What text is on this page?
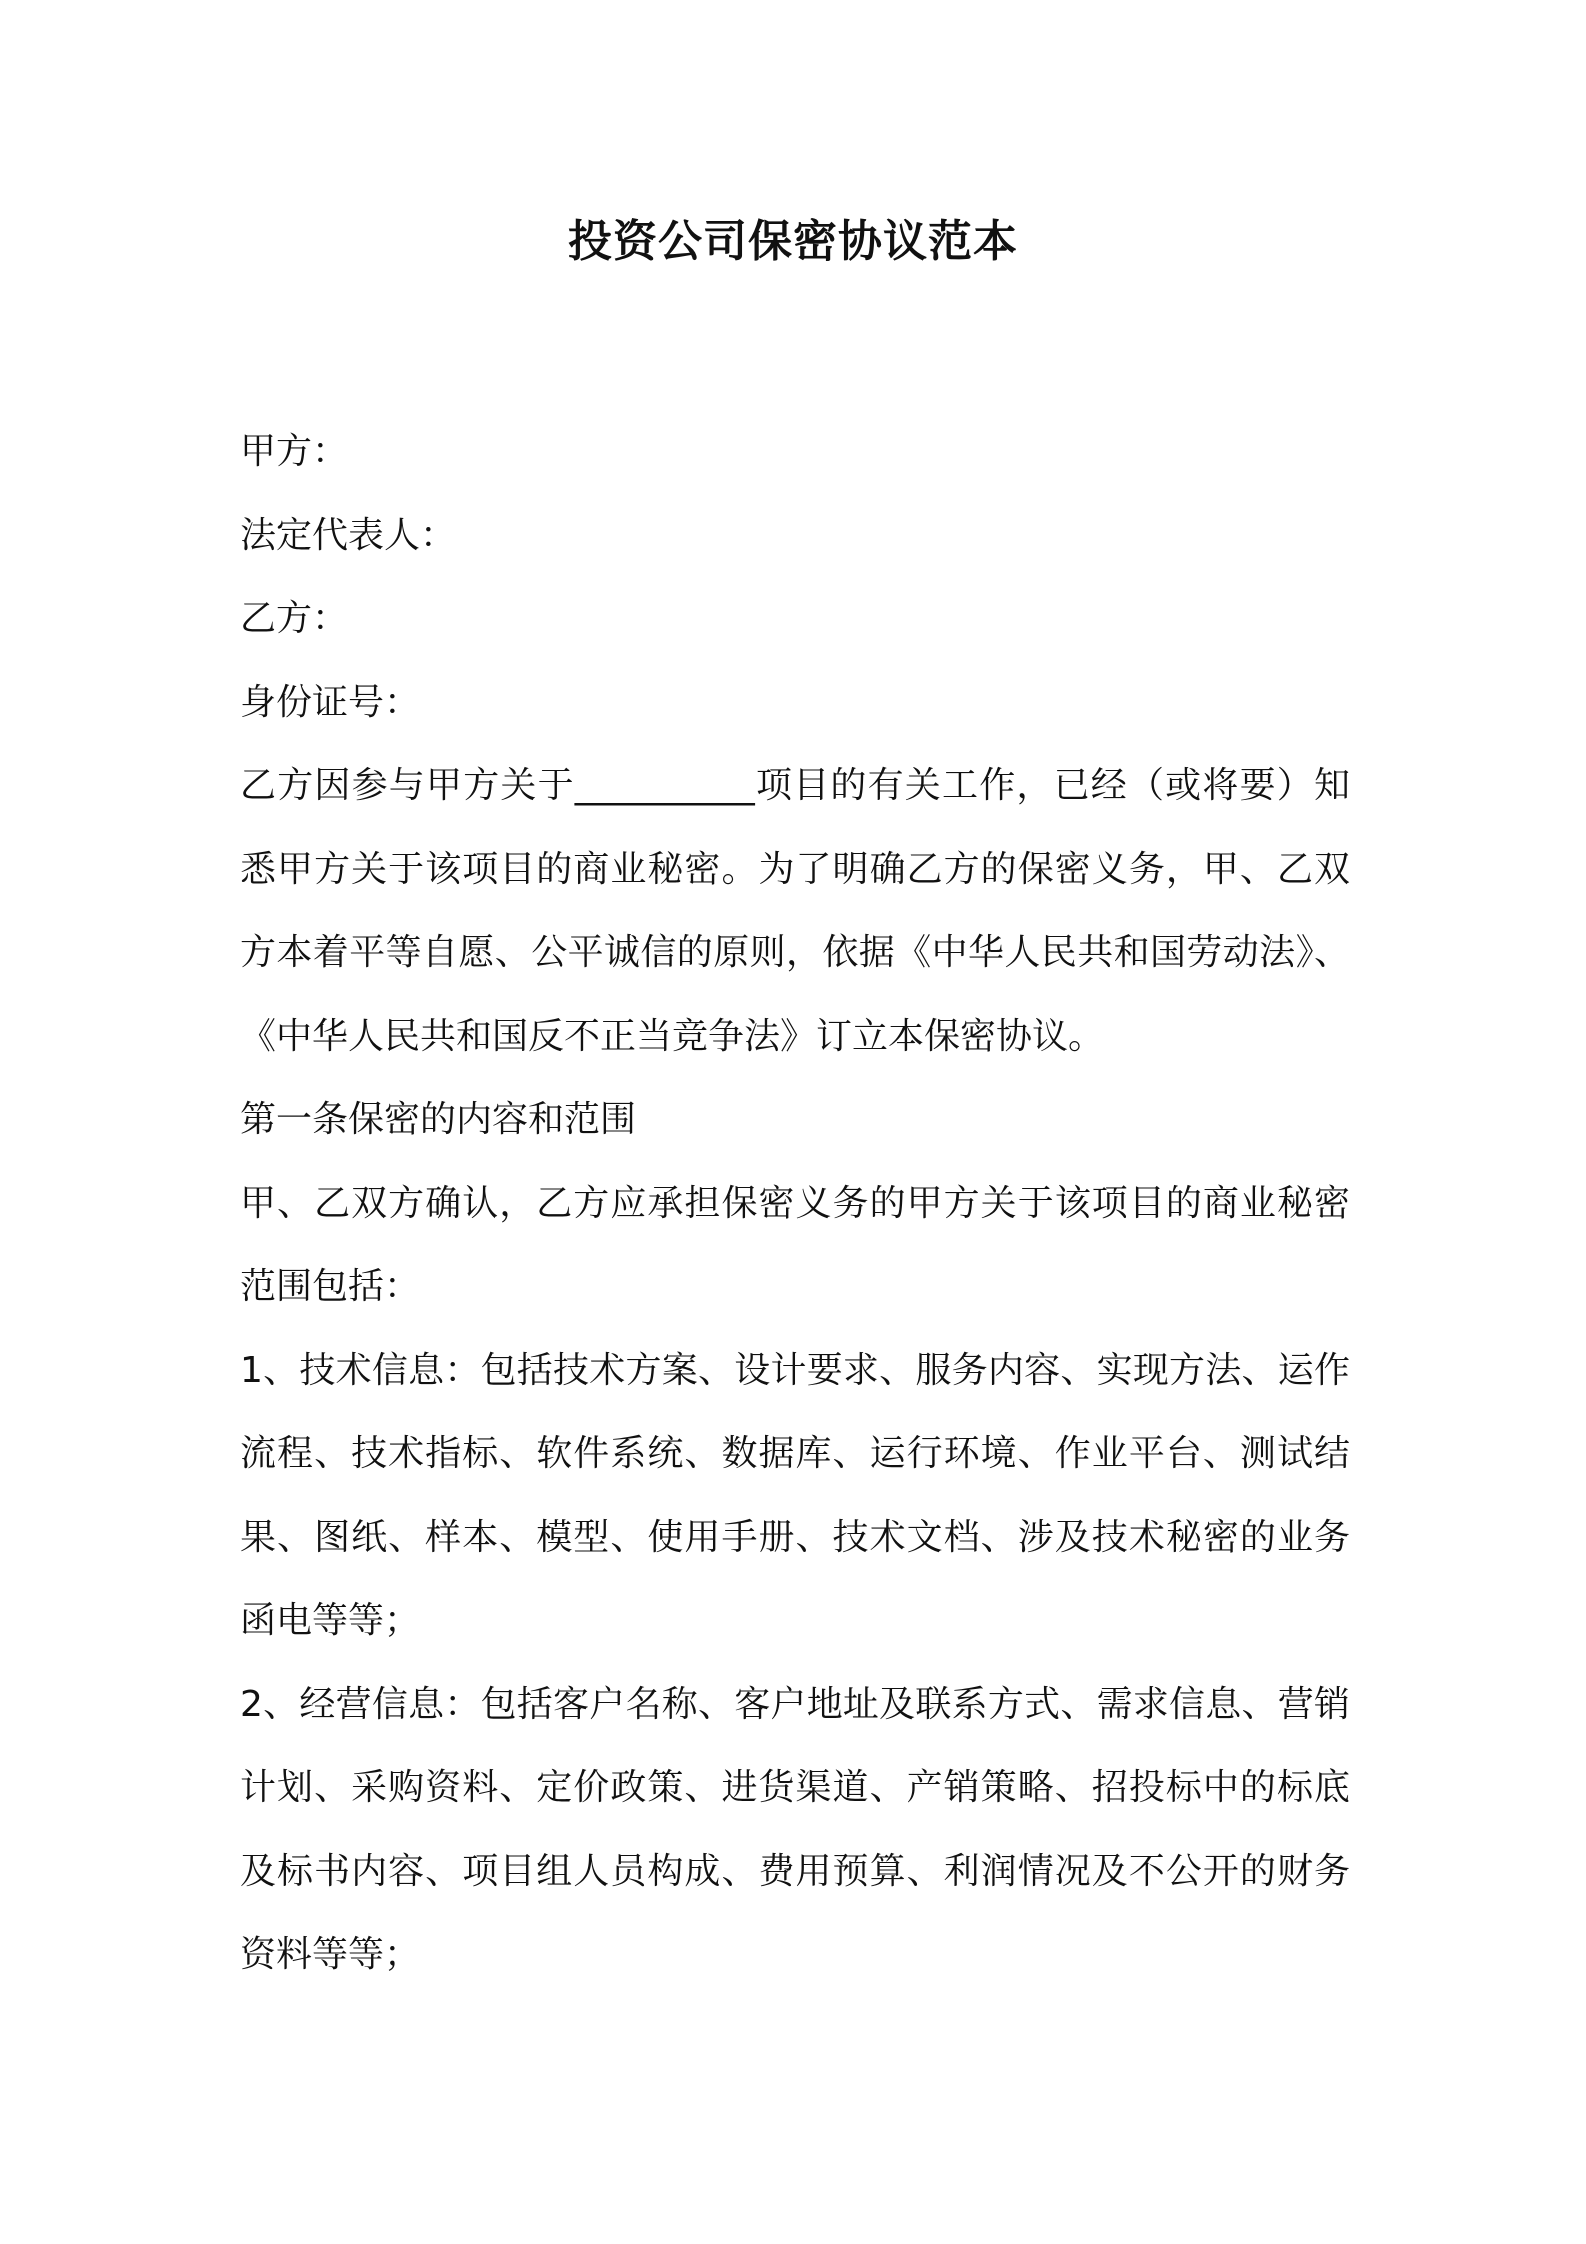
投资公司保密协议范本

甲方：

法定代表人：

乙方：

身份证号：

乙方因参与甲方关于__________项目的有关工作，已经（或将要）知悉甲方关于该项目的商业秘密。为了明确乙方的保密义务，甲、乙双方本着平等自愿、公平诚信的原则，依据《中华人民共和国劳动法》、《中华人民共和国反不正当竞争法》订立本保密协议。

第一条保密的内容和范围

甲、乙双方确认，乙方应承担保密义务的甲方关于该项目的商业秘密范围包括：

1、技术信息：包括技术方案、设计要求、服务内容、实现方法、运作流程、技术指标、软件系统、数据库、运行环境、作业平台、测试结果、图纸、样本、模型、使用手册、技术文档、涉及技术秘密的业务函电等等；

2、经营信息：包括客户名称、客户地址及联系方式、需求信息、营销计划、采购资料、定价政策、进货渠道、产销策略、招投标中的标底及标书内容、项目组人员构成、费用预算、利润情况及不公开的财务资料等等；
